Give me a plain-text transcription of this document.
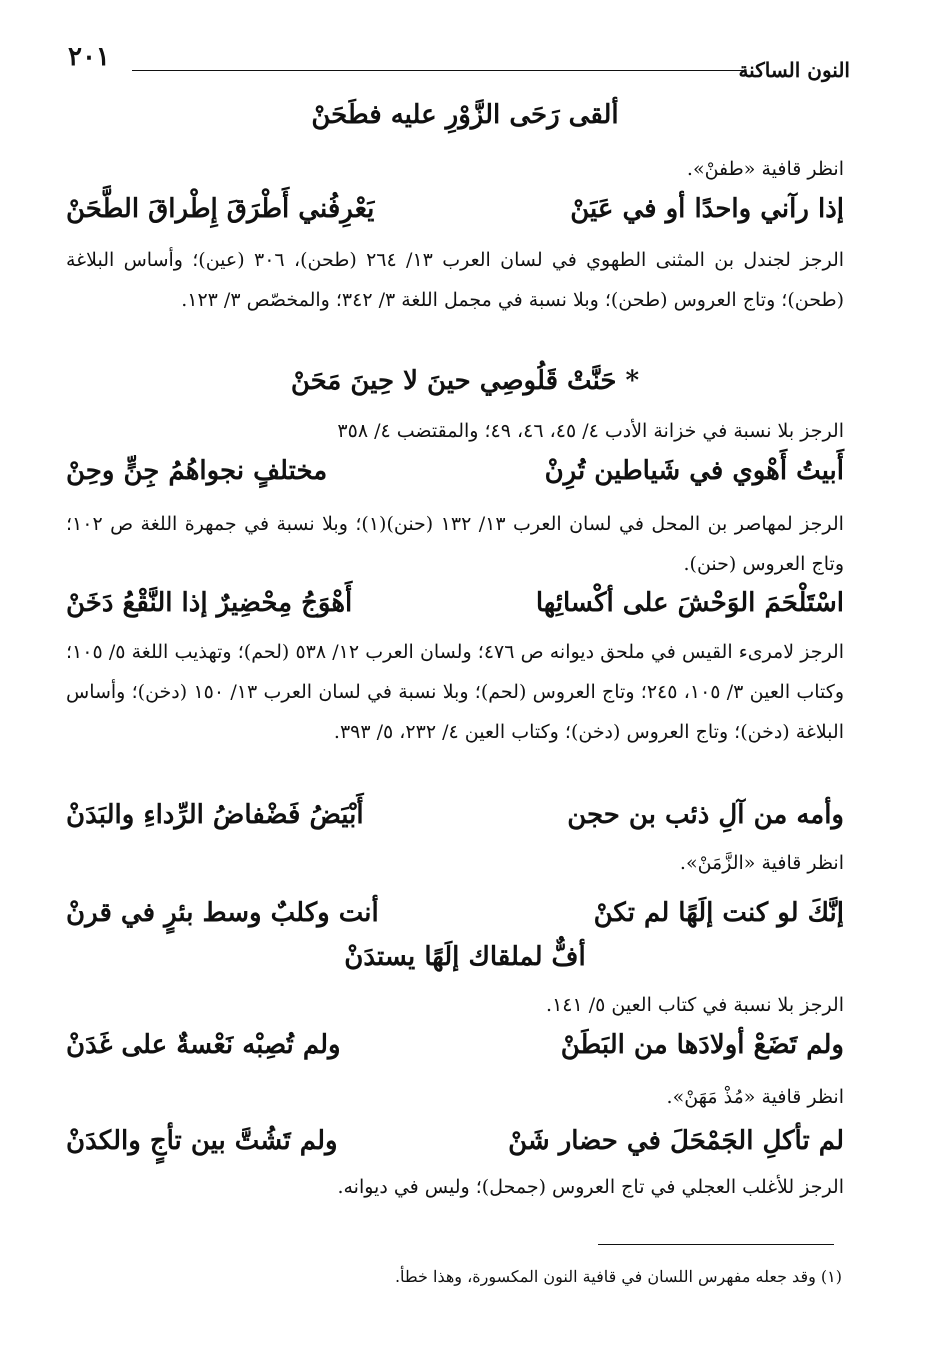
النون الساكنة
٢٠١
ألقى رَحَى الزَّوْرِ عليه فطَحَنْ
انظر قافية «طفنْ».
إذا رآني واحدًا أو في عَيَنْ
يَعْرِفُني أَطْرَقَ إِطْراقَ الطَّحَنْ
الرجز لجندل بن المثنى الطهوي في لسان العرب ١٣/ ٢٦٤ (طحن)، ٣٠٦ (عين)؛ وأساس البلاغة (طحن)؛ وتاج العروس (طحن)؛ وبلا نسبة في مجمل اللغة ٣/ ٣٤٢؛ والمخصّص ٣/ ١٢٣.
* حَنَّتْ قَلُوصِي حينَ لا حِينَ مَحَنْ
الرجز بلا نسبة في خزانة الأدب ٤/ ٤٥، ٤٦، ٤٩؛ والمقتضب ٤/ ٣٥٨
أَبيتُ أَهْوي في شَياطين تُرِنْ
مختلفٍ نجواهُمُ جِنٍّ وحِنْ
الرجز لمهاصر بن المحل في لسان العرب ١٣/ ١٣٢ (حنن)(١)؛ وبلا نسبة في جمهرة اللغة ص ١٠٢؛ وتاج العروس (حنن).
اسْتَلْحَمَ الوَحْشَ على أكْسائِها
أَهْوَجُ مِحْضِيرٌ إذا النَّقْعُ دَخَنْ
الرجز لامرىء القيس في ملحق ديوانه ص ٤٧٦؛ ولسان العرب ١٢/ ٥٣٨ (لحم)؛ وتهذيب اللغة ٥/ ١٠٥؛ وكتاب العين ٣/ ١٠٥، ٢٤٥؛ وتاج العروس (لحم)؛ وبلا نسبة في لسان العرب ١٣/ ١٥٠ (دخن)؛ وأساس البلاغة (دخن)؛ وتاج العروس (دخن)؛ وكتاب العين ٤/ ٢٣٢، ٥/ ٣٩٣.
وأمه من آلِ ذئب بن حجن
أَبْيَضُ فَضْفاضُ الرِّداءِ والبَدَنْ
انظر قافية «الزَّمَنْ».
إنَّكَ لو كنت إلَهًا لم تكنْ
أنت وكلبٌ وسط بئرٍ في قرنْ
أفٌّ لملقاك إلَهًا يستدَنْ
الرجز بلا نسبة في كتاب العين ٥/ ١٤١.
ولم تَضَعْ أولادَها من البَطَنْ
ولم تُصِبْه نَعْسةٌ على غَدَنْ
انظر قافية «مُذْ مَهَنْ».
لم تأكلِ الجَمْحَلَ في حضار شَنْ
ولم تَشُتَّ بين تأجٍ والكدَنْ
الرجز للأغلب العجلي في تاج العروس (جمحل)؛ وليس في ديوانه.
(١) وقد جعله مفهرس اللسان في قافية النون المكسورة، وهذا خطأ.
